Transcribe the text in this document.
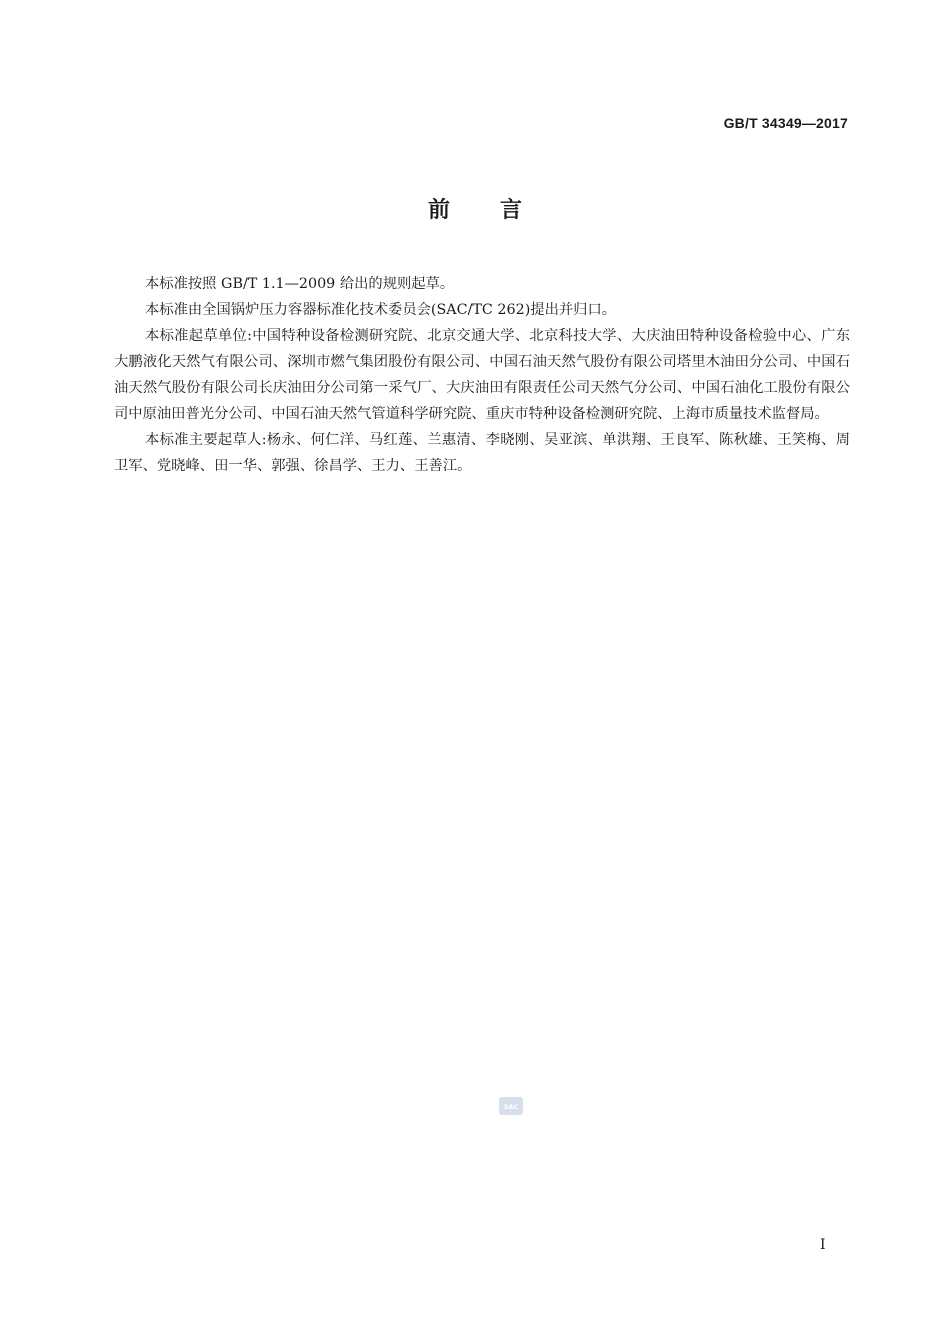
GB/T 34349—2017
前言

本标准按照 GB/T 1.1—2009 给出的规则起草。

本标准由全国锅炉压力容器标准化技术委员会(SAC/TC 262)提出并归口。

本标准起草单位:中国特种设备检测研究院、北京交通大学、北京科技大学、大庆油田特种设备检验中心、广东大鹏液化天然气有限公司、深圳市燃气集团股份有限公司、中国石油天然气股份有限公司塔里木油田分公司、中国石油天然气股份有限公司长庆油田分公司第一采气厂、大庆油田有限责任公司天然气分公司、中国石油化工股份有限公司中原油田普光分公司、中国石油天然气管道科学研究院、重庆市特种设备检测研究院、上海市质量技术监督局。

本标准主要起草人:杨永、何仁洋、马红莲、兰惠清、李晓刚、吴亚滨、单洪翔、王良军、陈秋雄、王笑梅、周卫军、党晓峰、田一华、郭强、徐昌学、王力、王善江。

SAC
I
